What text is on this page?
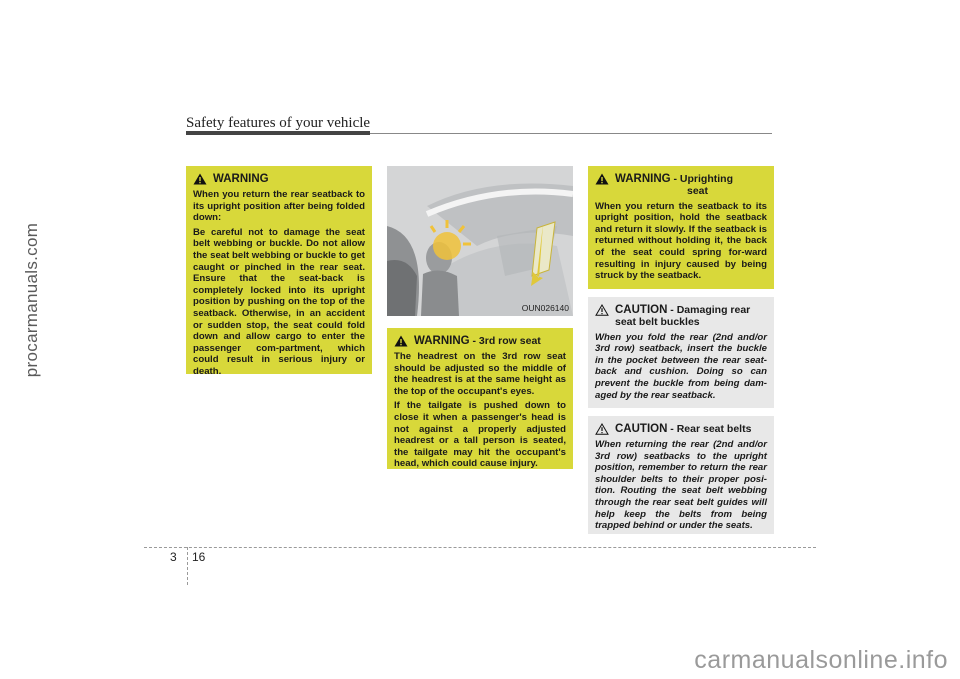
procarmanuals.com
Safety features of your vehicle
WARNING

When you return the rear seatback to its upright position after being folded down:

Be careful not to damage the seat belt webbing or buckle. Do not allow the seat belt webbing or buckle to get caught or pinched in the rear seat. Ensure that the seat-back is completely locked into its upright position by pushing on the top of the seatback. Otherwise, in an accident or sudden stop, the seat could fold down and allow cargo to enter the passenger com-partment, which could result in serious injury or death.

OUN026140
WARNING - 3rd row seat

The headrest on the 3rd row seat should be adjusted so the middle of the headrest is at the same height as the top of the occupant's eyes.

If the tailgate is pushed down to close it when a passenger's head is not against a properly adjusted headrest or a tall person is seated, the tailgate may hit the occupant's head, which could cause injury.

WARNING - Uprighting
seat

When you return the seatback to its upright position, hold the seatback and return it slowly. If the seatback is returned without holding it, the back of the seat could spring for-ward resulting in injury caused by being struck by the seatback.

CAUTION - Damaging rear
seat belt buckles

When you fold the rear (2nd and/or 3rd row) seatback, insert the buckle in the pocket between the rear seat-back and cushion. Doing so can prevent the buckle from being dam-aged by the rear seatback.

CAUTION - Rear seat belts

When returning the rear (2nd and/or 3rd row) seatbacks to the upright position, remember to return the rear shoulder belts to their proper posi-tion. Routing the seat belt webbing through the rear seat belt guides will help keep the belts from being trapped behind or under the seats.

3 16
carmanualsonline.info
